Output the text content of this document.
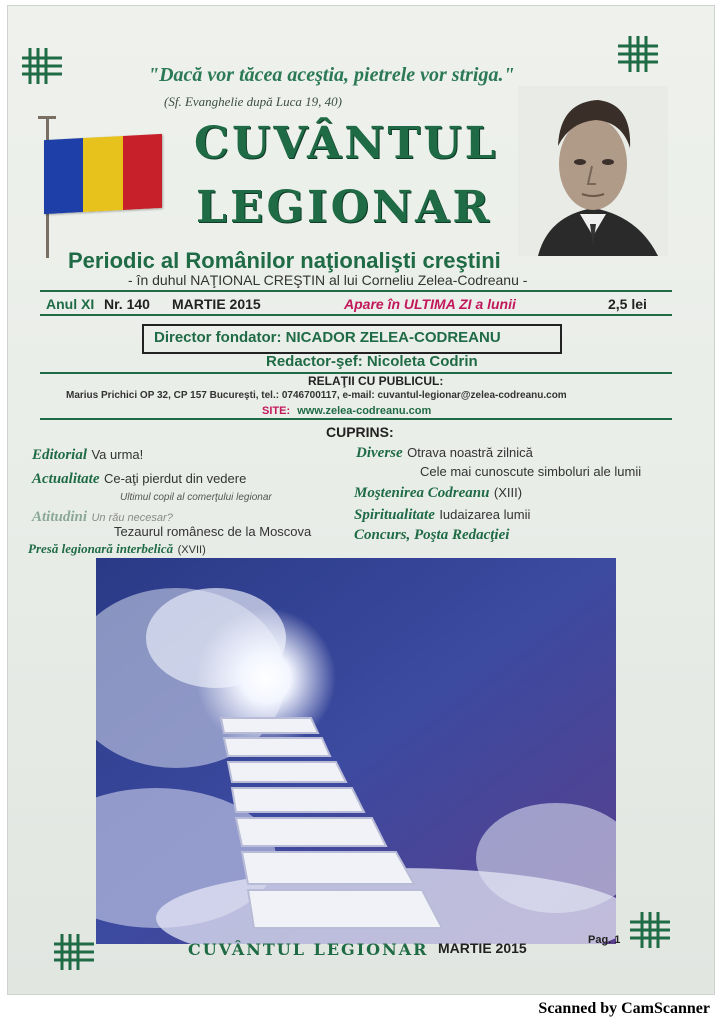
"Dacă vor tăcea aceştia, pietrele vor striga."
(Sf. Evanghelie după Luca 19, 40)
CUVÂNTUL
LEGIONAR
Periodic al Românilor naţionalişti creştini
- în duhul NAŢIONAL CREŞTIN al lui Corneliu Zelea-Codreanu -
Anul XI Nr. 140 MARTIE 2015	Apare în ULTIMA ZI a lunii	2,5 lei
Director fondator: NICADOR ZELEA-CODREANU
Redactor-şef: Nicoleta Codrin
RELAŢII CU PUBLICUL:
Marius Prichici OP 32, CP 157 Bucureşti, tel.: 0746700117, e-mail: cuvantul-legionar@zelea-codreanu.com
SITE: www.zelea-codreanu.com
CUPRINS:
Editorial Va urma!
Actualitate Ce-aţi pierdut din vedere
Ultimul copil al comerţului legionar
Atitudini Un rău necesar?
Tezaurul românesc de la Moscova
Presă legionară interbelică (XVII)
Diverse Otrava noastră zilnică
Cele mai cunoscute simboluri ale lumii
Moştenirea Codreanu (XIII)
Spiritualitate Iudaizarea lumii
Concurs, Poşta Redacţiei
CUVÂNTUL LEGIONAR MARTIE 2015	Pag. 1
Scanned by CamScanner
